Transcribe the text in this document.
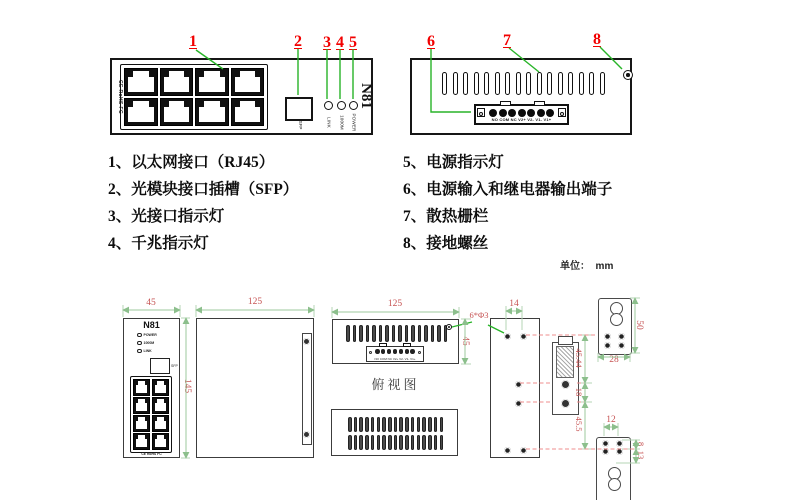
CE RoHS FC
SFP	LINK 1000M POWER
N81
NO COM NC V2+ V2- V1- V1+
1	2 3 4 5	6	7	8
1、以太网接口（RJ45）
2、光模块接口插槽（SFP）
3、光接口指示灯
4、千兆指示灯
5、电源指示灯
6、电源输入和继电器输出端子
7、散热栅栏
8、接地螺丝
单位：  mm
N81
POWER
1000M
LINK
SFP
CE RoHS FC
NO COM NC V2+ V2- V1- V1+
俯视图
45
145
125	125
45
6*Φ3
14
45.44
18
45.5
50
28
12
8
13
